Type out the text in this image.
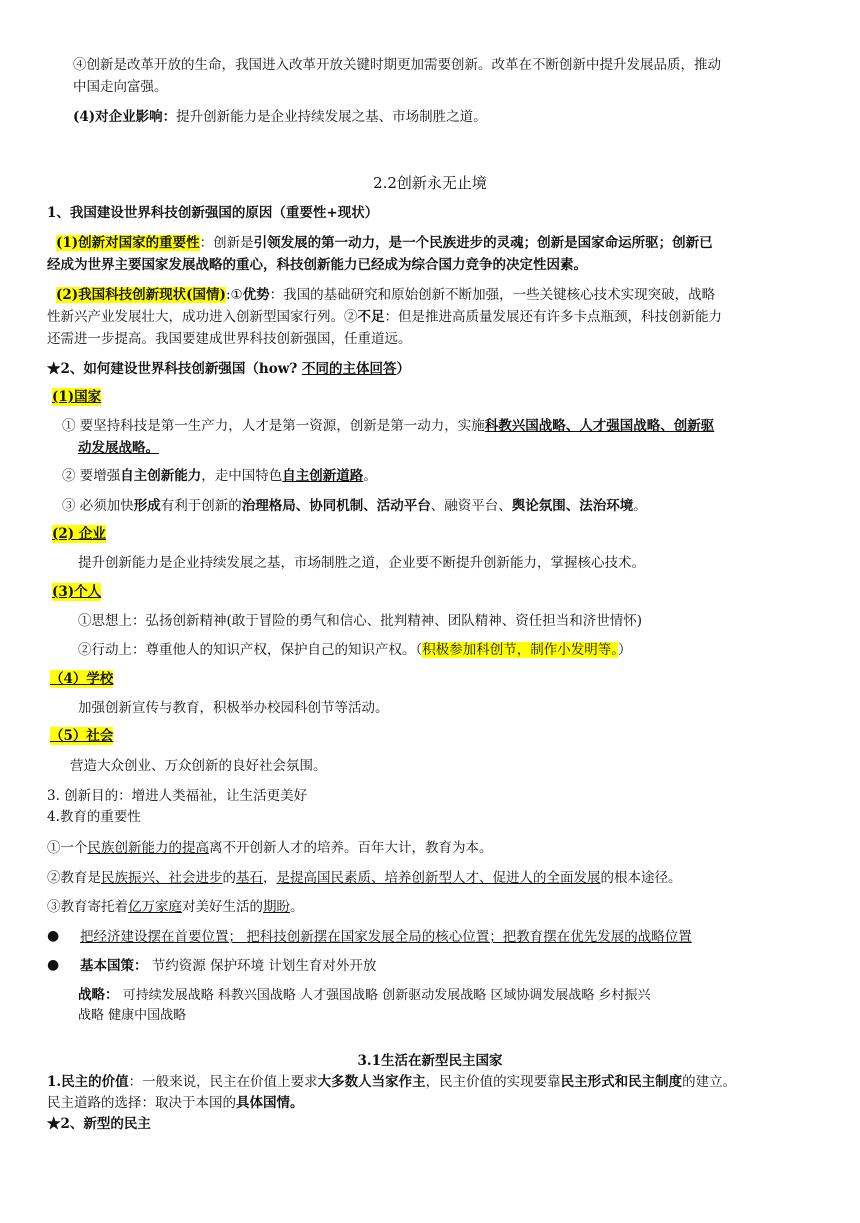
④创新是改革开放的生命，我国进入改革开放关键时期更加需要创新。改革在不断创新中提升发展品质，推动
中国走向富强。
(4)对企业影响：提升创新能力是企业持续发展之基、市场制胜之道。
2.2创新永无止境
1、我国建设世界科技创新强国的原因（重要性+现状）
(1)创新对国家的重要性：创新是引领发展的第一动力，是一个民族进步的灵魂；创新是国家命运所驱；创新已
经成为世界主要国家发展战略的重心，科技创新能力已经成为综合国力竞争的决定性因素。
(2)我国科技创新现状(国情):①优势：我国的基础研究和原始创新不断加强，一些关键核心技术实现突破，战略
性新兴产业发展壮大，成功进入创新型国家行列。②不足：但是推进高质量发展还有许多卡点瓶颈，科技创新能力
还需进一步提高。我国要建成世界科技创新强国，任重道远。
★2、如何建设世界科技创新强国（how? 不同的主体回答）
(1)国家
① 要坚持科技是第一生产力，人才是第一资源，创新是第一动力，实施科教兴国战略、人才强国战略、创新驱
动发展战略。
② 要增强自主创新能力，走中国特色自主创新道路。
③ 必须加快形成有利于创新的治理格局、协同机制、活动平台、融资平台、舆论氛围、法治环境。
(2) 企业
提升创新能力是企业持续发展之基，市场制胜之道，企业要不断提升创新能力，掌握核心技术。
(3)个人
①思想上：弘扬创新精神(敢于冒险的勇气和信心、批判精神、团队精神、资任担当和济世情怀)
②行动上：尊重他人的知识产权，保护自己的知识产权。（积极参加科创节，制作小发明等。）
（4）学校
加强创新宣传与教育，积极举办校园科创节等活动。
（5）社会
营造大众创业、万众创新的良好社会氛围。
3. 创新目的：增进人类福祉，让生活更美好
4.教育的重要性
①一个民族创新能力的提高离不开创新人才的培养。百年大计，教育为本。
②教育是民族振兴、社会进步的基石，是提高国民素质、培养创新型人才、促进人的全面发展的根本途径。
③教育寄托着亿万家庭对美好生活的期盼。
● 把经济建设摆在首要位置； 把科技创新摆在国家发展全局的核心位置；把教育摆在优先发展的战略位置
● 基本国策： 节约资源 保护环境 计划生育对外开放
战略： 可持续发展战略 科教兴国战略 人才强国战略 创新驱动发展战略 区域协调发展战略 乡村振兴
战略 健康中国战略
3.1生活在新型民主国家
1.民主的价值：一般来说，民主在价值上要求大多数人当家作主，民主价值的实现要靠民主形式和民主制度的建立。
民主道路的选择：取决于本国的具体国情。
★2、新型的民主
